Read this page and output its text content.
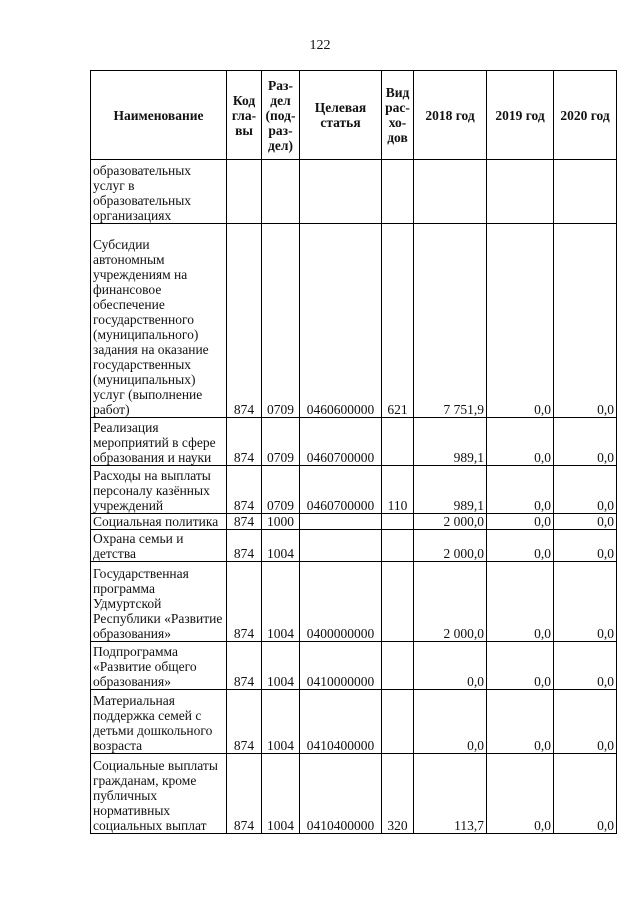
122
Наименование	Код гла- вы	Раз- дел (под- раз- дел)	Целевая статья	Вид рас- хо- дов	2018 год	2019 год	2020 год
образовательных услуг в образовательных организациях							
Субсидии автономным учреждениям на финансовое обеспечение государственного (муниципального) задания на оказание государственных (муниципальных) услуг (выполнение работ)	874	0709	0460600000	621	7 751,9	0,0	0,0
Реализация мероприятий в сфере образования и науки	874	0709	0460700000		989,1	0,0	0,0
Расходы на выплаты персоналу казённых учреждений	874	0709	0460700000	110	989,1	0,0	0,0
Социальная политика	874	1000			2 000,0	0,0	0,0
Охрана семьи и детства	874	1004			2 000,0	0,0	0,0
Государственная программа Удмуртской Республики «Развитие образования»	874	1004	0400000000		2 000,0	0,0	0,0
Подпрограмма «Развитие общего образования»	874	1004	0410000000		0,0	0,0	0,0
Материальная поддержка семей с детьми дошкольного возраста	874	1004	0410400000		0,0	0,0	0,0
Социальные выплаты гражданам, кроме публичных нормативных социальных выплат	874	1004	0410400000	320	113,7	0,0	0,0
